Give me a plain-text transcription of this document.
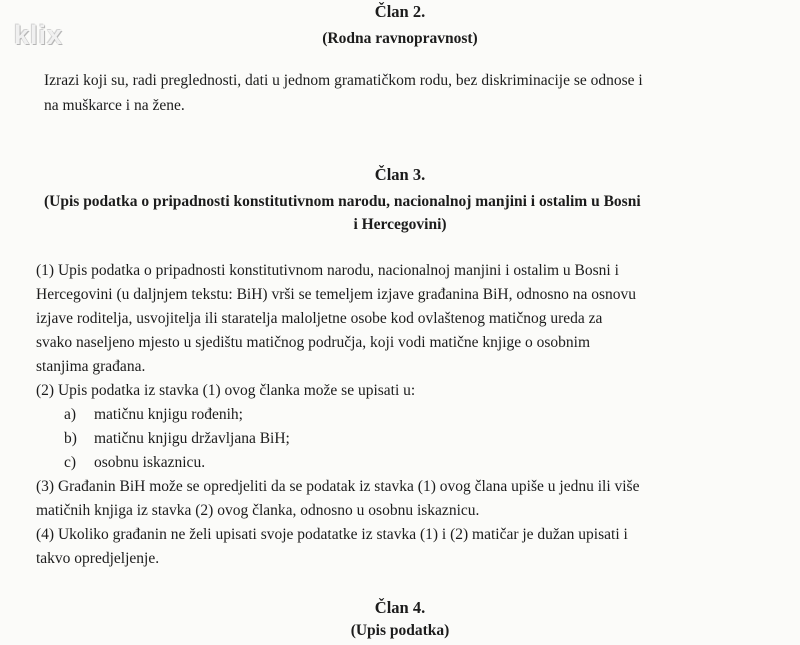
klix
Član 2.
(Rodna ravnopravnost)
Izrazi koji su, radi preglednosti, dati u jednom gramatičkom rodu, bez diskriminacije se odnose i
na muškarce i na žene.
Član 3.
(Upis podatka o pripadnosti konstitutivnom narodu, nacionalnoj manjini i ostalim u Bosni
i Hercegovini)
(1) Upis podatka o pripadnosti konstitutivnom narodu, nacionalnoj manjini i ostalim u Bosni i
Hercegovini (u daljnjem tekstu: BiH) vrši se temeljem izjave građanina BiH, odnosno na osnovu
izjave roditelja, usvojitelja ili staratelja maloljetne osobe kod ovlaštenog matičnog ureda za
svako naseljeno mjesto u sjedištu matičnog područja, koji vodi matične knjige o osobnim
stanjima građana.
(2) Upis podatka iz stavka (1) ovog članka može se upisati u:
a) matičnu knjigu rođenih;
b) matičnu knjigu državljana BiH;
c) osobnu iskaznicu.
(3) Građanin BiH može se opredjeliti da se podatak iz stavka (1) ovog člana upiše u jednu ili više
matičnih knjiga iz stavka (2) ovog članka, odnosno u osobnu iskaznicu.
(4) Ukoliko građanin ne želi upisati svoje podatatke iz stavka (1) i (2) matičar je dužan upisati i
takvo opredjeljenje.
Član 4.
(Upis podatka)
